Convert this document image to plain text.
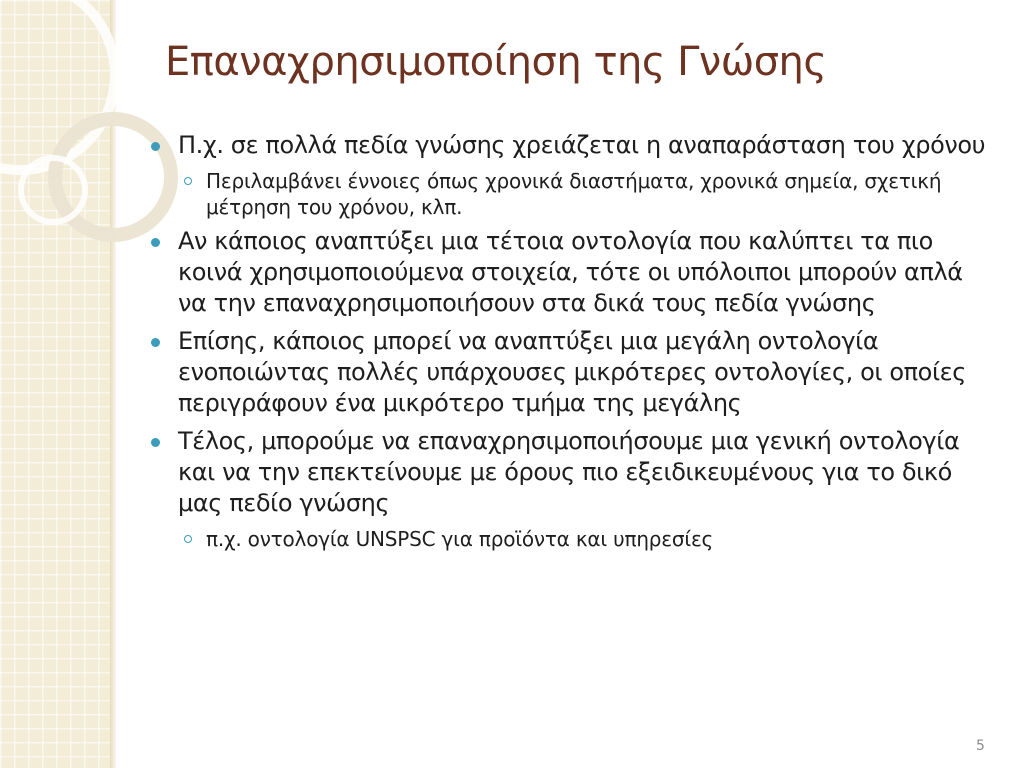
Επαναχρησιμοποίηση της Γνώσης
Π.χ. σε πολλά πεδία γνώσης χρειάζεται η αναπαράσταση του χρόνου
Περιλαμβάνει έννοιες όπως χρονικά διαστήματα, χρονικά σημεία, σχετική μέτρηση του χρόνου, κλπ.
Αν κάποιος αναπτύξει μια τέτοια οντολογία που καλύπτει τα πιο κοινά χρησιμοποιούμενα στοιχεία, τότε οι υπόλοιποι μπορούν απλά να την επαναχρησιμοποιήσουν στα δικά τους πεδία γνώσης
Επίσης, κάποιος μπορεί να αναπτύξει μια μεγάλη οντολογία ενοποιώντας πολλές υπάρχουσες μικρότερες οντολογίες, οι οποίες περιγράφουν ένα μικρότερο τμήμα της μεγάλης
Τέλος, μπορούμε να επαναχρησιμοποιήσουμε μια γενική οντολογία και να την επεκτείνουμε με όρους πιο εξειδικευμένους για το δικό μας πεδίο γνώσης
π.χ. οντολογία UNSPSC για προϊόντα και υπηρεσίες
5
